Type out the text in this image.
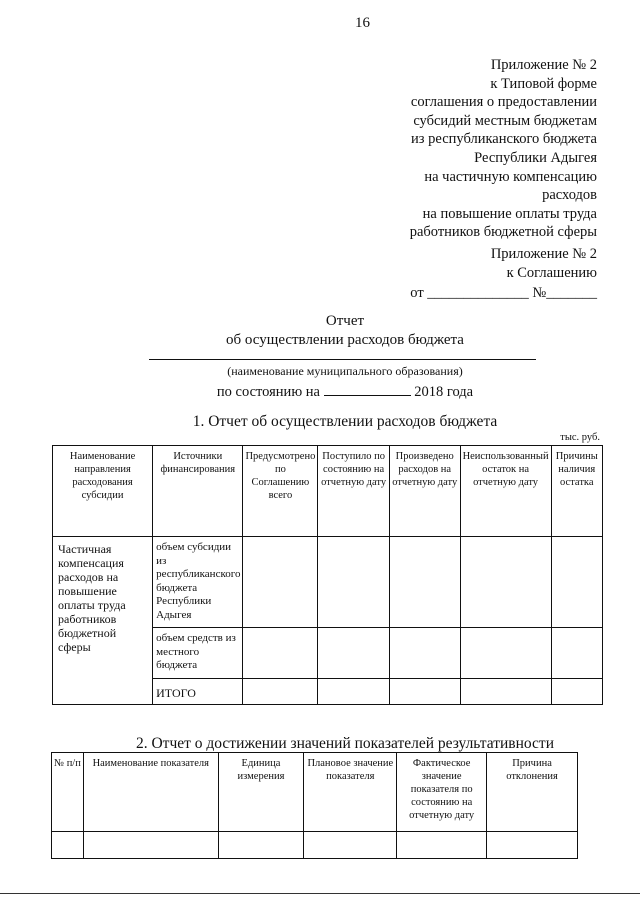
16
Приложение № 2
к Типовой форме
соглашения о предоставлении
субсидий местным бюджетам
из республиканского бюджета
Республики Адыгея
на частичную компенсацию
расходов
на повышение оплаты труда
работников бюджетной сферы
Приложение № 2
к Соглашению
от ______________ №_______
Отчет
об осуществлении расходов бюджета
(наименование муниципального образования)
по состоянию на	2018 года
1. Отчет об осуществлении расходов бюджета
тыс. руб.
Наименование направления расходования субсидии	Источники финансирования	Предусмотрено по Соглашению всего	Поступило по состоянию на отчетную дату	Произведено расходов на отчетную дату	Неиспользованный остаток на отчетную дату	Причины наличия остатка
Частичная компенсация расходов на повышение оплаты труда работников бюджетной сферы	объем субсидии из республиканского бюджета Республики Адыгея					
	объем средств из местного бюджета					
	ИТОГО					
2. Отчет о достижении значений показателей результативности
№ п/п	Наименование показателя	Единица измерения	Плановое значение показателя	Фактическое значение показателя по состоянию на отчетную дату	Причина отклонения
